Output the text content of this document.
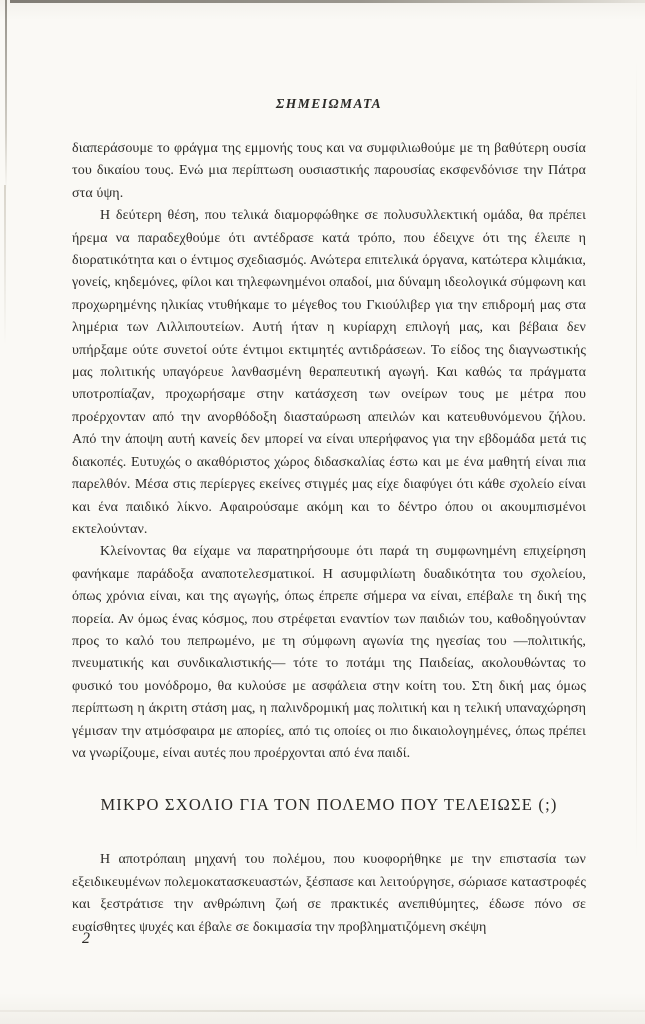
ΣΗΜΕΙΩΜΑΤΑ

διαπεράσουμε το φράγμα της εμμονής τους και να συμφιλιωθούμε με τη βαθύτερη ουσία του δικαίου τους. Ενώ μια περίπτωση ουσιαστικής παρουσίας εκσφενδόνισε την Πάτρα στα ύψη.

Η δεύτερη θέση, που τελικά διαμορφώθηκε σε πολυσυλλεκτική ομάδα, θα πρέπει ήρεμα να παραδεχθούμε ότι αντέδρασε κατά τρόπο, που έδειχνε ότι της έλειπε η διορατικότητα και ο έντιμος σχεδιασμός. Ανώτερα επιτελικά όργανα, κατώτερα κλιμάκια, γονείς, κηδεμόνες, φίλοι και τηλεφωνημένοι οπαδοί, μια δύναμη ιδεολογικά σύμφωνη και προχωρημένης ηλικίας ντυθήκαμε το μέγεθος του Γκιούλιβερ για την επιδρομή μας στα λημέρια των Λιλλιπουτείων. Αυτή ήταν η κυρίαρχη επιλογή μας, και βέβαια δεν υπήρξαμε ούτε συνετοί ούτε έντιμοι εκτιμητές αντιδράσεων. Το είδος της διαγνωστικής μας πολιτικής υπαγόρευε λανθασμένη θεραπευτική αγωγή. Και καθώς τα πράγματα υποτροπίαζαν, προχωρήσαμε στην κατάσχεση των ονείρων τους με μέτρα που προέρχονταν από την ανορθόδοξη διασταύρωση απειλών και κατευθυνόμενου ζήλου. Από την άποψη αυτή κανείς δεν μπορεί να είναι υπερήφανος για την εβδομάδα μετά τις διακοπές. Ευτυχώς ο ακαθόριστος χώρος διδασκαλίας έστω και με ένα μαθητή είναι πια παρελθόν. Μέσα στις περίεργες εκείνες στιγμές μας είχε διαφύγει ότι κάθε σχολείο είναι και ένα παιδικό λίκνο. Αφαιρούσαμε ακόμη και το δέντρο όπου οι ακουμπισμένοι εκτελούνταν.

Κλείνοντας θα είχαμε να παρατηρήσουμε ότι παρά τη συμφωνημένη επιχείρηση φανήκαμε παράδοξα αναποτελεσματικοί. Η ασυμφιλίωτη δυαδικότητα του σχολείου, όπως χρόνια είναι, και της αγωγής, όπως έπρεπε σήμερα να είναι, επέβαλε τη δική της πορεία. Αν όμως ένας κόσμος, που στρέφεται εναντίον των παιδιών του, καθοδηγούνταν προς το καλό του πεπρωμένο, με τη σύμφωνη αγωνία της ηγεσίας του —πολιτικής, πνευματικής και συνδικαλιστικής— τότε το ποτάμι της Παιδείας, ακολουθώντας το φυσικό του μονόδρομο, θα κυλούσε με ασφάλεια στην κοίτη του. Στη δική μας όμως περίπτωση η άκριτη στάση μας, η παλινδρομική μας πολιτική και η τελική υπαναχώρηση γέμισαν την ατμόσφαιρα με απορίες, από τις οποίες οι πιο δικαιολογημένες, όπως πρέπει να γνωρίζουμε, είναι αυτές που προέρχονται από ένα παιδί.

ΜΙΚΡΟ ΣΧΟΛΙΟ ΓΙΑ ΤΟΝ ΠΟΛΕΜΟ ΠΟΥ ΤΕΛΕΙΩΣΕ (;)

Η αποτρόπαιη μηχανή του πολέμου, που κυοφορήθηκε με την επιστασία των εξειδικευμένων πολεμοκατασκευαστών, ξέσπασε και λειτούργησε, σώριασε καταστροφές και ξεστράτισε την ανθρώπινη ζωή σε πρακτικές ανεπιθύμητες, έδωσε πόνο σε ευαίσθητες ψυχές και έβαλε σε δοκιμασία την προβληματιζόμενη σκέψη

2
